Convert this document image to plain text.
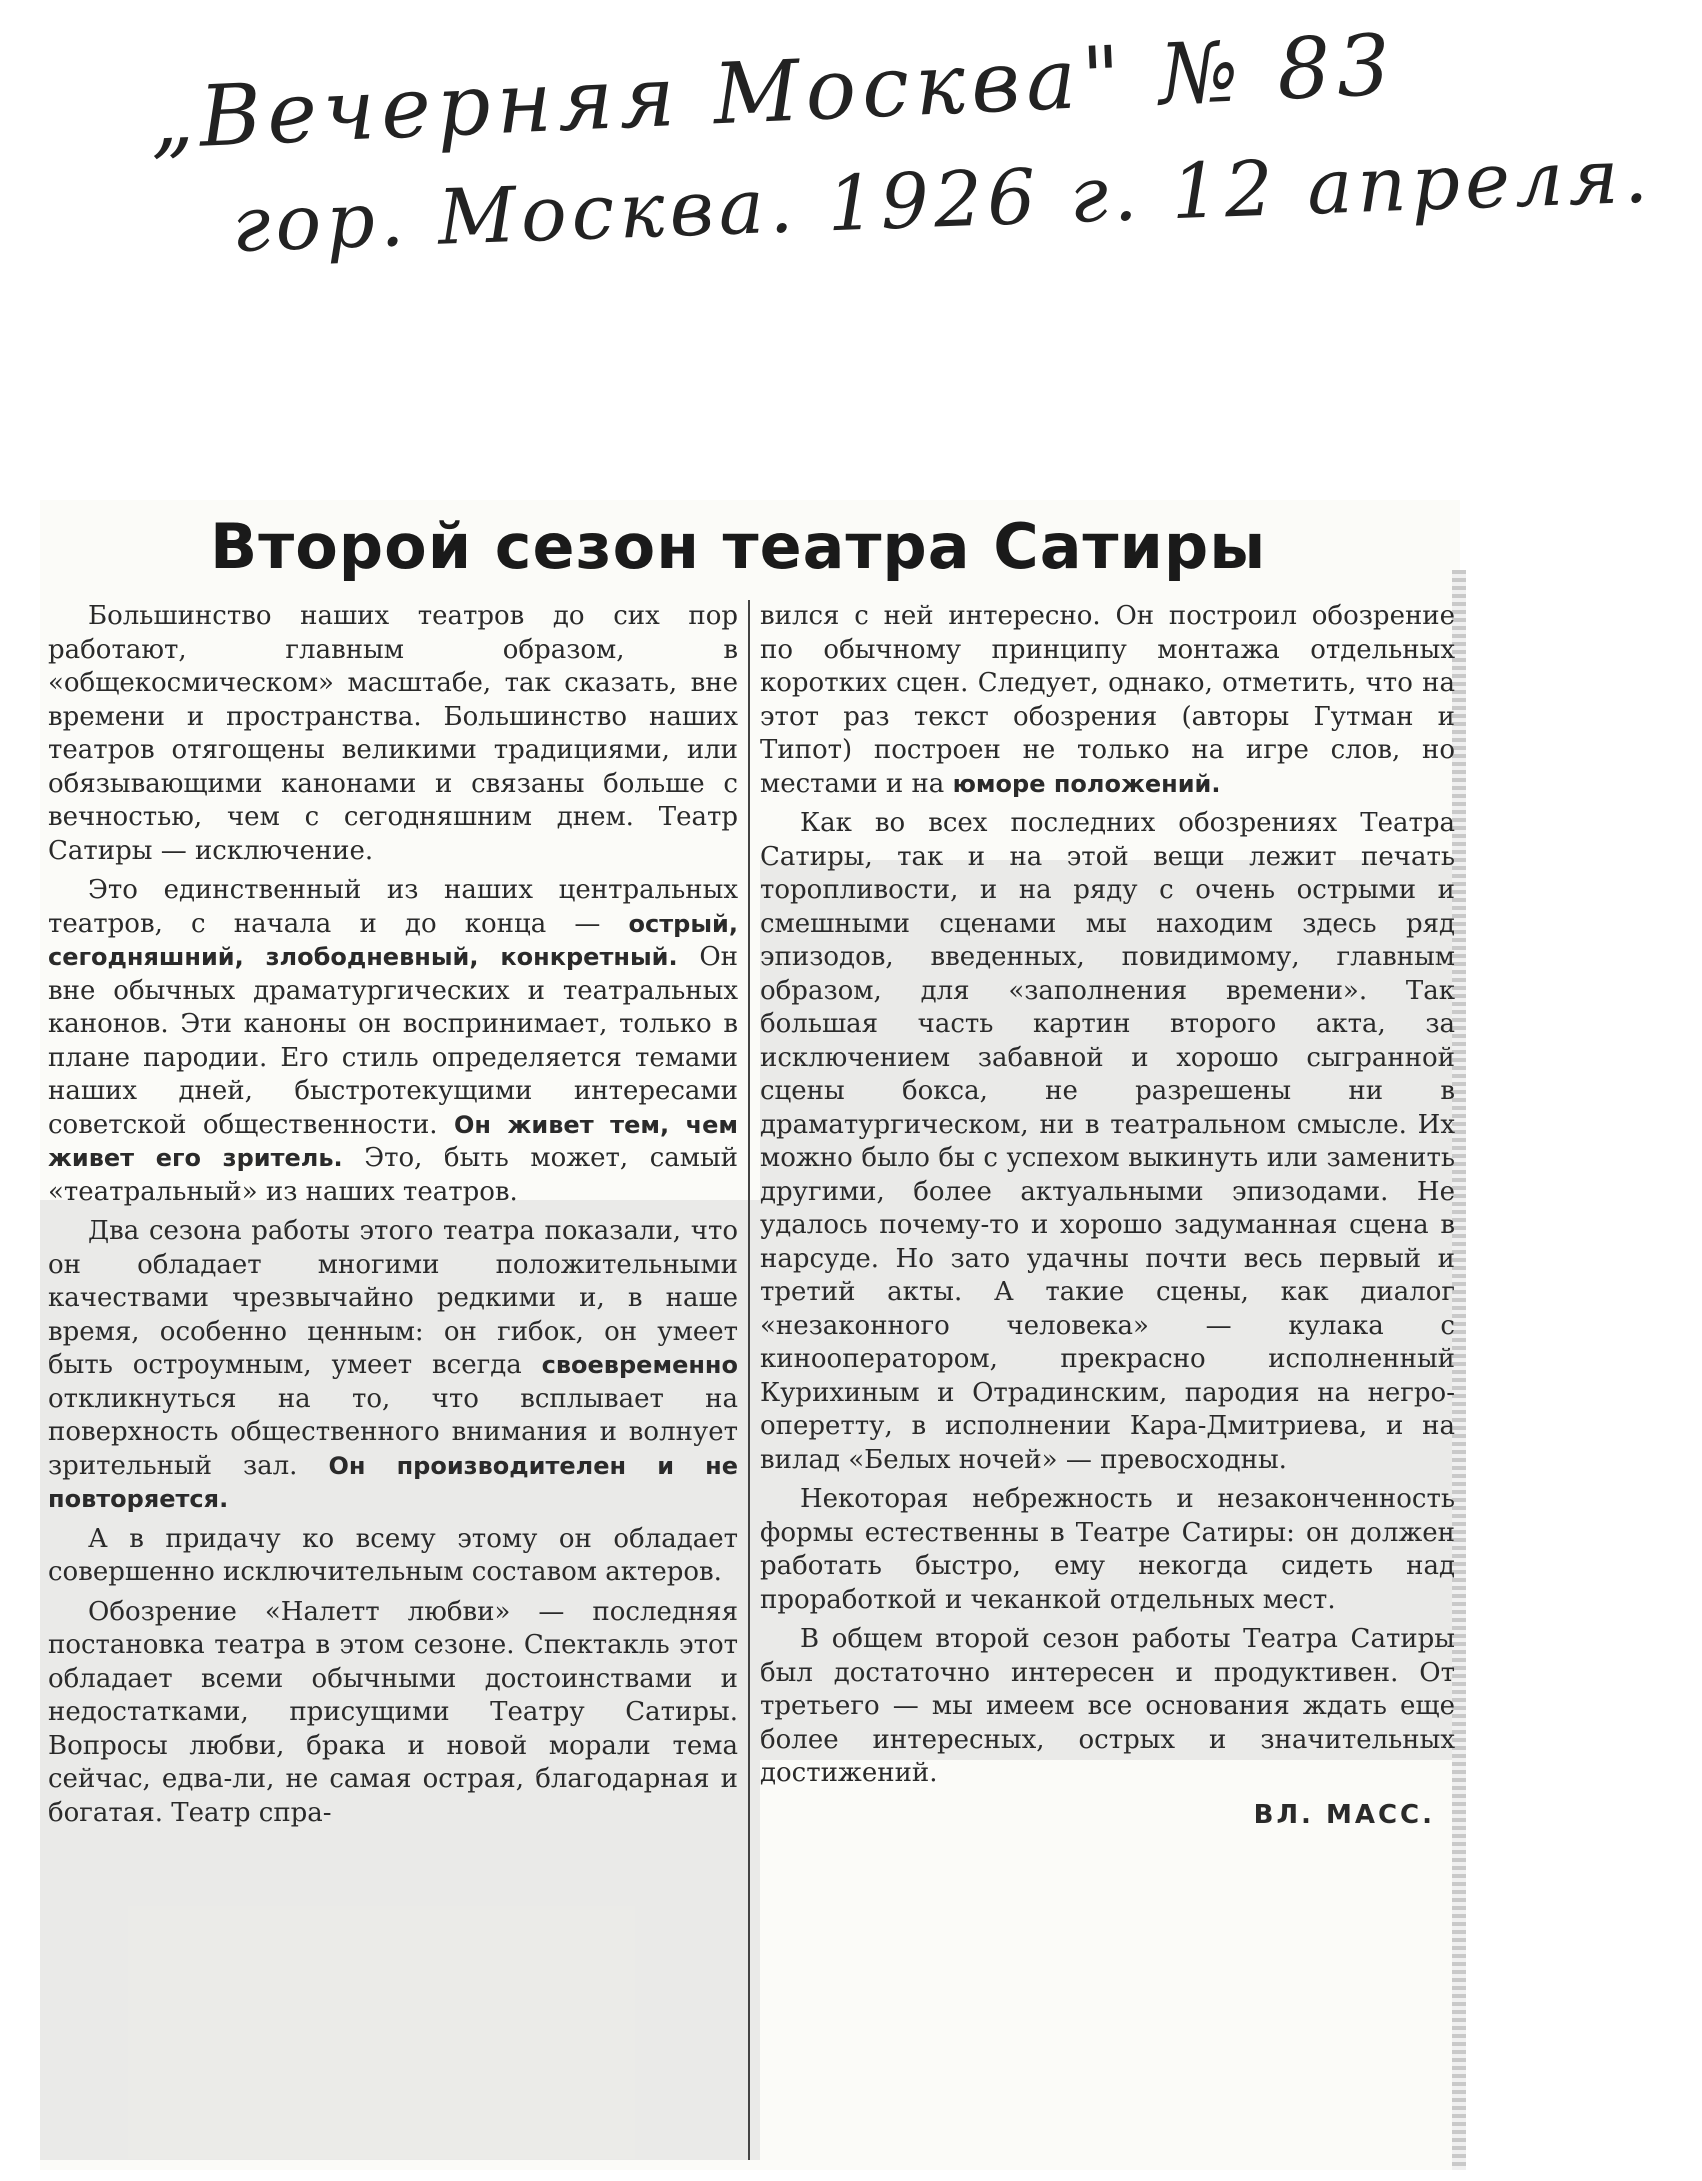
„Вечерняя Москва" № 83
гор. Москва. 1926 г. 12 апреля.
Второй сезон театра Сатиры

Большинство наших театров до сих пор работают, главным образом, в «общекосмическом» масштабе, так сказать, вне времени и пространства. Большинство наших театров отягощены великими традициями, или обязывающими канонами и связаны больше с вечностью, чем с сегодняшним днем. Театр Сатиры — исключение.

Это единственный из наших центральных театров, с начала и до конца — острый, сегодняшний, злободневный, конкретный. Он вне обычных драматургических и театральных канонов. Эти каноны он воспринимает, только в плане пародии. Его стиль определяется темами наших дней, быстротекущими интересами советской общественности. Он живет тем, чем живет его зритель. Это, быть может, самый «театральный» из наших театров.

Два сезона работы этого театра показали, что он обладает многими положительными качествами чрезвычайно редкими и, в наше время, особенно ценным: он гибок, он умеет быть остроумным, умеет всегда своевременно откликнуться на то, что всплывает на поверхность общественного внимания и волнует зрительный зал. Он производителен и не повторяется.

А в придачу ко всему этому он обладает совершенно исключительным составом актеров.

Обозрение «Налетт любви» — последняя постановка театра в этом сезоне. Спектакль этот обладает всеми обычными достоинствами и недостатками, присущими Театру Сатиры. Вопросы любви, брака и новой морали тема сейчас, едва-ли, не самая острая, благодарная и богатая. Театр спра-

вился с ней интересно. Он построил обозрение по обычному принципу монтажа отдельных коротких сцен. Следует, однако, отметить, что на этот раз текст обозрения (авторы Гутман и Типот) построен не только на игре слов, но местами и на юморе положений.

Как во всех последних обозрениях Театра Сатиры, так и на этой вещи лежит печать торопливости, и на ряду с очень острыми и смешными сценами мы находим здесь ряд эпизодов, введенных, повидимому, главным образом, для «заполнения времени». Так большая часть картин второго акта, за исключением забавной и хорошо сыгранной сцены бокса, не разрешены ни в драматургическом, ни в театральном смысле. Их можно было бы с успехом выкинуть или заменить другими, более актуальными эпизодами. Не удалось почему-то и хорошо задуманная сцена в нарсуде. Но зато удачны почти весь первый и третий акты. А такие сцены, как диалог «незаконного человека» — кулака с кинооператором, прекрасно исполненный Курихиным и Отрадинским, пародия на негро-оперетту, в исполнении Кара-Дмитриева, и на вилад «Белых ночей» — превосходны.

Некоторая небрежность и незаконченность формы естественны в Театре Сатиры: он должен работать быстро, ему некогда сидеть над проработкой и чеканкой отдельных мест.

В общем второй сезон работы Театра Сатиры был достаточно интересен и продуктивен. От третьего — мы имеем все основания ждать еще более интересных, острых и значительных достижений.

ВЛ. МАСС.
